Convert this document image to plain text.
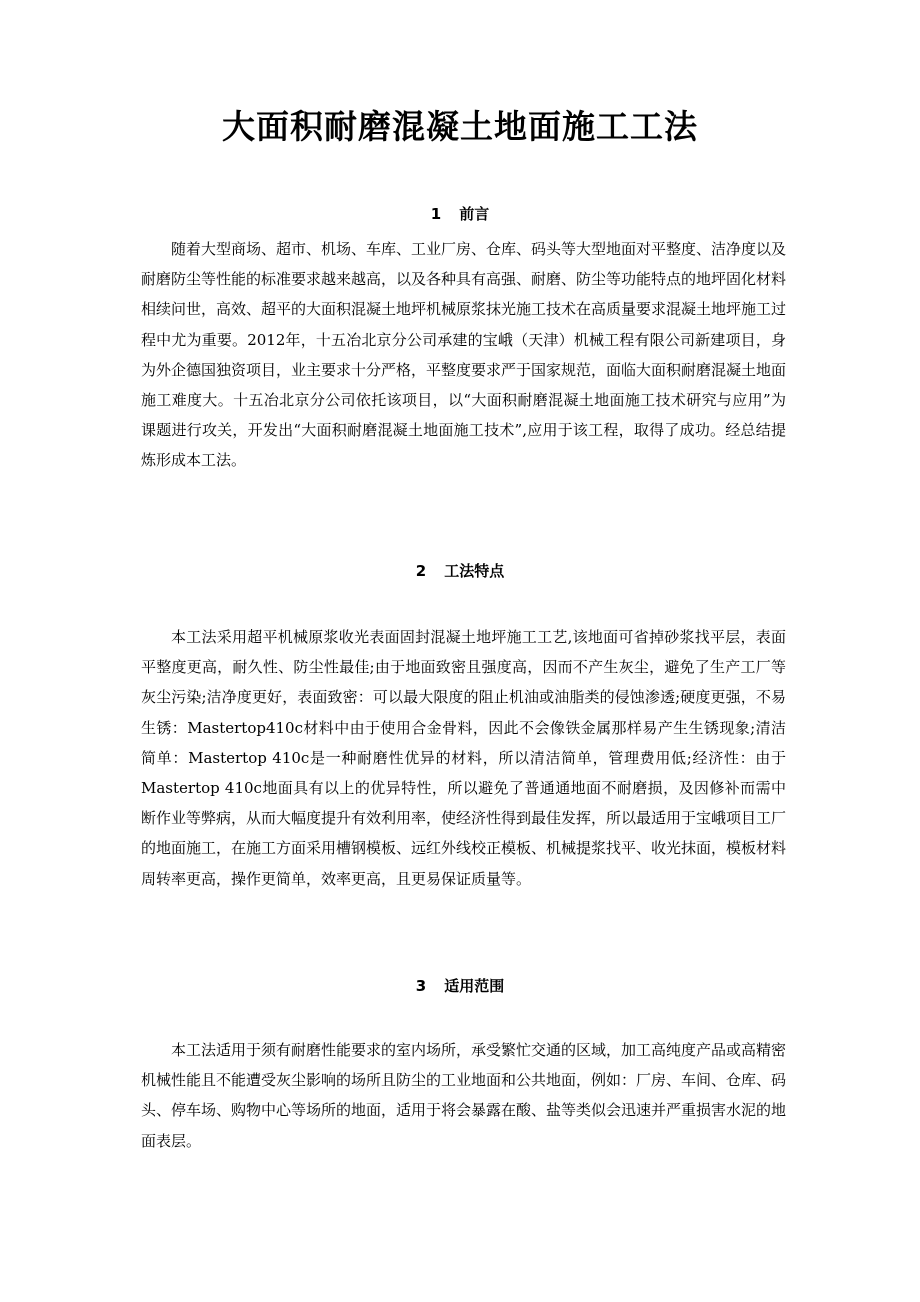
大面积耐磨混凝土地面施工工法
1 前言

随着大型商场、超市、机场、车库、工业厂房、仓库、码头等大型地面对平整度、洁净度以及耐磨防尘等性能的标准要求越来越高，以及各种具有高强、耐磨、防尘等功能特点的地坪固化材料相续问世，高效、超平的大面积混凝土地坪机械原浆抹光施工技术在高质量要求混凝土地坪施工过程中尤为重要。2012年，十五冶北京分公司承建的宝峨（天津）机械工程有限公司新建项目，身为外企德国独资项目，业主要求十分严格，平整度要求严于国家规范，面临大面积耐磨混凝土地面施工难度大。十五冶北京分公司依托该项目，以“大面积耐磨混凝土地面施工技术研究与应用”为课题进行攻关，开发出“大面积耐磨混凝土地面施工技术”,应用于该工程，取得了成功。经总结提炼形成本工法。

2 工法特点

本工法采用超平机械原浆收光表面固封混凝土地坪施工工艺,该地面可省掉砂浆找平层，表面平整度更高，耐久性、防尘性最佳;由于地面致密且强度高，因而不产生灰尘，避免了生产工厂等灰尘污染;洁净度更好，表面致密：可以最大限度的阻止机油或油脂类的侵蚀渗透;硬度更强，不易生锈：Mastertop410c材料中由于使用合金骨料，因此不会像铁金属那样易产生生锈现象;清洁简单：Mastertop 410c是一种耐磨性优异的材料，所以清洁简单，管理费用低;经济性：由于Mastertop 410c地面具有以上的优异特性，所以避免了普通通地面不耐磨损，及因修补而需中断作业等弊病，从而大幅度提升有效利用率，使经济性得到最佳发挥，所以最适用于宝峨项目工厂的地面施工，在施工方面采用槽钢模板、远红外线校正模板、机械提浆找平、收光抹面，模板材料周转率更高，操作更简单，效率更高，且更易保证质量等。

3 适用范围

本工法适用于须有耐磨性能要求的室内场所，承受繁忙交通的区域，加工高纯度产品或高精密机械性能且不能遭受灰尘影响的场所且防尘的工业地面和公共地面，例如：厂房、车间、仓库、码头、停车场、购物中心等场所的地面，适用于将会暴露在酸、盐等类似会迅速并严重损害水泥的地面表层。
